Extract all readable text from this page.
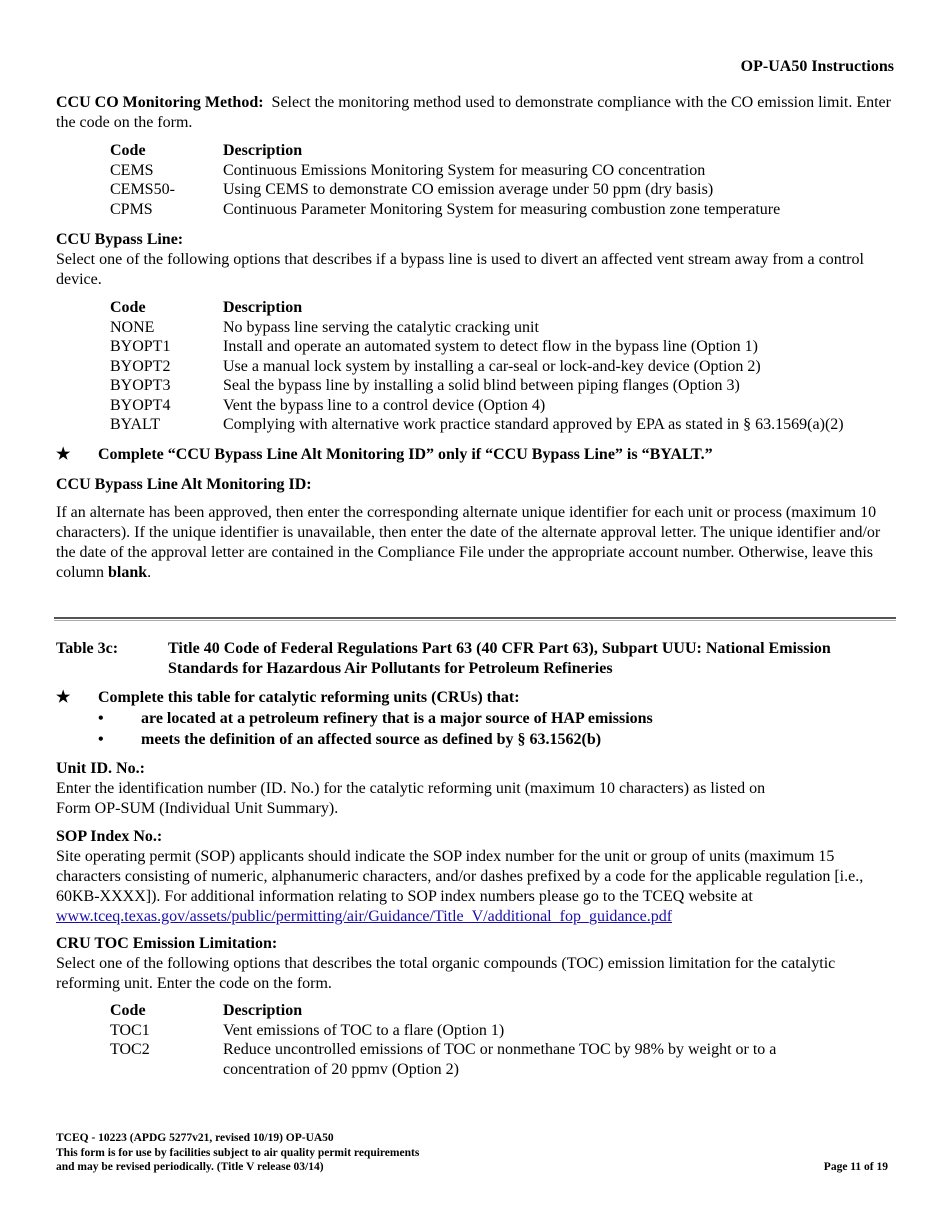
OP-UA50 Instructions

CCU CO Monitoring Method: Select the monitoring method used to demonstrate compliance with the CO emission limit. Enter the code on the form.

Code	Description
CEMS	Continuous Emissions Monitoring System for measuring CO concentration
CEMS50-	Using CEMS to demonstrate CO emission average under 50 ppm (dry basis)
CPMS	Continuous Parameter Monitoring System for measuring combustion zone temperature

CCU Bypass Line:

Select one of the following options that describes if a bypass line is used to divert an affected vent stream away from a control device.

Code	Description
NONE	No bypass line serving the catalytic cracking unit
BYOPT1	Install and operate an automated system to detect flow in the bypass line (Option 1)
BYOPT2	Use a manual lock system by installing a car-seal or lock-and-key device (Option 2)
BYOPT3	Seal the bypass line by installing a solid blind between piping flanges (Option 3)
BYOPT4	Vent the bypass line to a control device (Option 4)
BYALT	Complying with alternative work practice standard approved by EPA as stated in § 63.1569(a)(2)
★ Complete “CCU Bypass Line Alt Monitoring ID” only if “CCU Bypass Line” is “BYALT.”

CCU Bypass Line Alt Monitoring ID:

If an alternate has been approved, then enter the corresponding alternate unique identifier for each unit or process (maximum 10 characters). If the unique identifier is unavailable, then enter the date of the alternate approval letter. The unique identifier and/or the date of the approval letter are contained in the Compliance File under the appropriate account number. Otherwise, leave this column blank.

Table 3c:	Title 40 Code of Federal Regulations Part 63 (40 CFR Part 63), Subpart UUU: National Emission Standards for Hazardous Air Pollutants for Petroleum Refineries
★ Complete this table for catalytic reforming units (CRUs) that:
• are located at a petroleum refinery that is a major source of HAP emissions
• meets the definition of an affected source as defined by § 63.1562(b)

Unit ID. No.:

Enter the identification number (ID. No.) for the catalytic reforming unit (maximum 10 characters) as listed on

Form OP-SUM (Individual Unit Summary).

SOP Index No.:

Site operating permit (SOP) applicants should indicate the SOP index number for the unit or group of units (maximum 15 characters consisting of numeric, alphanumeric characters, and/or dashes prefixed by a code for the applicable regulation [i.e., 60KB-XXXX]). For additional information relating to SOP index numbers please go to the TCEQ website at www.tceq.texas.gov/assets/public/permitting/air/Guidance/Title_V/additional_fop_guidance.pdf

CRU TOC Emission Limitation:

Select one of the following options that describes the total organic compounds (TOC) emission limitation for the catalytic reforming unit. Enter the code on the form.

Code	Description
TOC1	Vent emissions of TOC to a flare (Option 1)
TOC2	Reduce uncontrolled emissions of TOC or nonmethane TOC by 98% by weight or to a concentration of 20 ppmv (Option 2)
TCEQ - 10223 (APDG 5277v21, revised 10/19) OP-UA50
This form is for use by facilities subject to air quality permit requirements
and may be revised periodically. (Title V release 03/14)	Page 11 of 19
